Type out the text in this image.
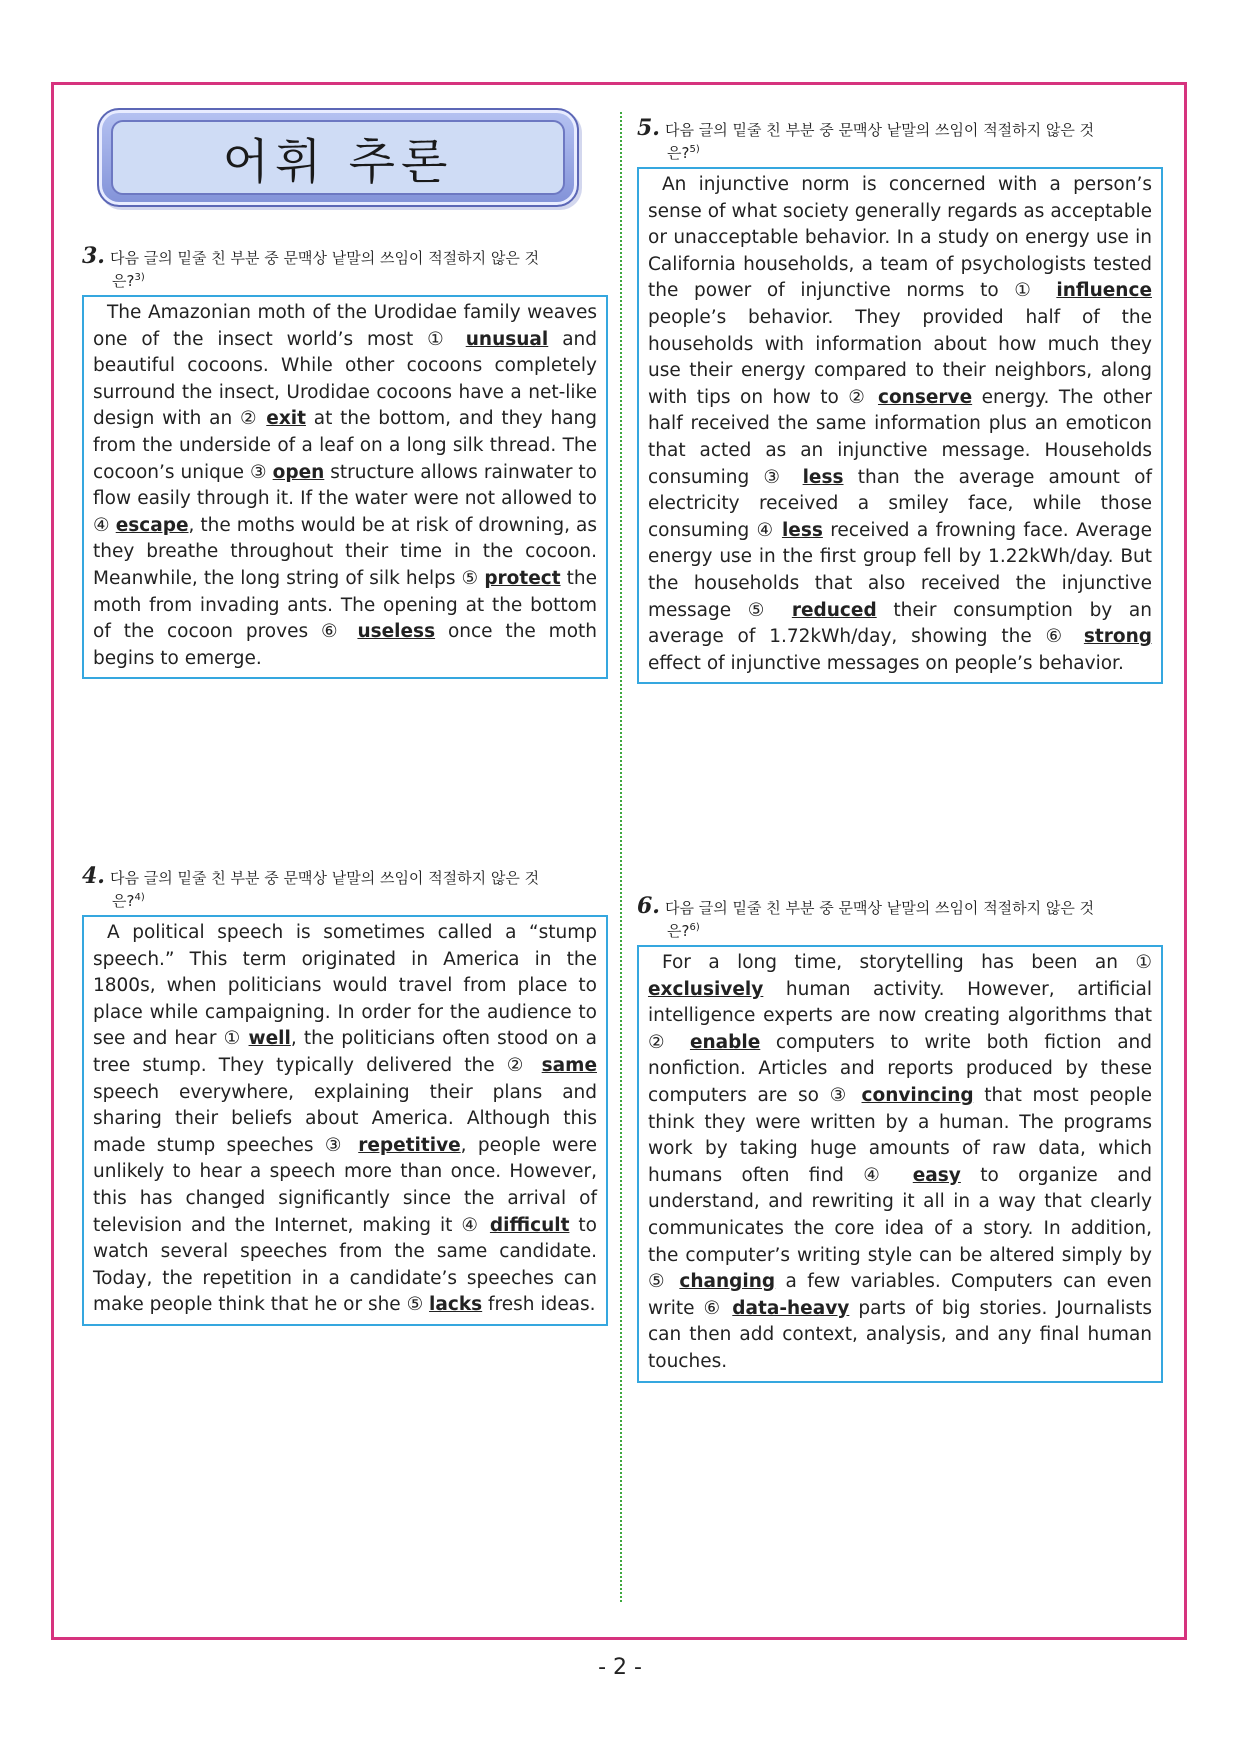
어휘 추론
3. 다음 글의 밑줄 친 부분 중 문맥상 낱말의 쓰임이 적절하지 않은 것
은?$^{3)}$
The Amazonian moth of the Urodidae family weaves one of the insect world’s most ① unusual and beautiful cocoons. While other cocoons completely surround the insect, Urodidae cocoons have a net-like design with an ② exit at the bottom, and they hang from the underside of a leaf on a long silk thread. The cocoon’s unique ③ open structure allows rainwater to flow easily through it. If the water were not allowed to ④ escape, the moths would be at risk of drowning, as they breathe throughout their time in the cocoon. Meanwhile, the long string of silk helps ⑤ protect the moth from invading ants. The opening at the bottom of the cocoon proves ⑥ useless once the moth begins to emerge.
4. 다음 글의 밑줄 친 부분 중 문맥상 낱말의 쓰임이 적절하지 않은 것
은?$^{4)}$
A political speech is sometimes called a “stump speech.” This term originated in America in the 1800s, when politicians would travel from place to place while campaigning. In order for the audience to see and hear ① well, the politicians often stood on a tree stump. They typically delivered the ② same speech everywhere, explaining their plans and sharing their beliefs about America. Although this made stump speeches ③ repetitive, people were unlikely to hear a speech more than once. However, this has changed significantly since the arrival of television and the Internet, making it ④ difficult to watch several speeches from the same candidate. Today, the repetition in a candidate’s speeches can make people think that he or she ⑤ lacks fresh ideas.
5. 다음 글의 밑줄 친 부분 중 문맥상 낱말의 쓰임이 적절하지 않은 것
은?$^{5)}$
An injunctive norm is concerned with a person’s sense of what society generally regards as acceptable or unacceptable behavior. In a study on energy use in California households, a team of psychologists tested the power of injunctive norms to ① influence people’s behavior. They provided half of the households with information about how much they use their energy compared to their neighbors, along with tips on how to ② conserve energy. The other half received the same information plus an emoticon that acted as an injunctive message. Households consuming ③ less than the average amount of electricity received a smiley face, while those consuming ④ less received a frowning face. Average energy use in the first group fell by 1.22kWh/day. But the households that also received the injunctive message ⑤ reduced their consumption by an average of 1.72kWh/day, showing the ⑥ strong effect of injunctive messages on people’s behavior.
6. 다음 글의 밑줄 친 부분 중 문맥상 낱말의 쓰임이 적절하지 않은 것
은?$^{6)}$
For a long time, storytelling has been an ① exclusively human activity. However, artificial intelligence experts are now creating algorithms that ② enable computers to write both fiction and nonfiction. Articles and reports produced by these computers are so ③ convincing that most people think they were written by a human. The programs work by taking huge amounts of raw data, which humans often find ④ easy to organize and understand, and rewriting it all in a way that clearly communicates the core idea of a story. In addition, the computer’s writing style can be altered simply by ⑤ changing a few variables. Computers can even write ⑥ data-heavy parts of big stories. Journalists can then add context, analysis, and any final human touches.
- 2 -
